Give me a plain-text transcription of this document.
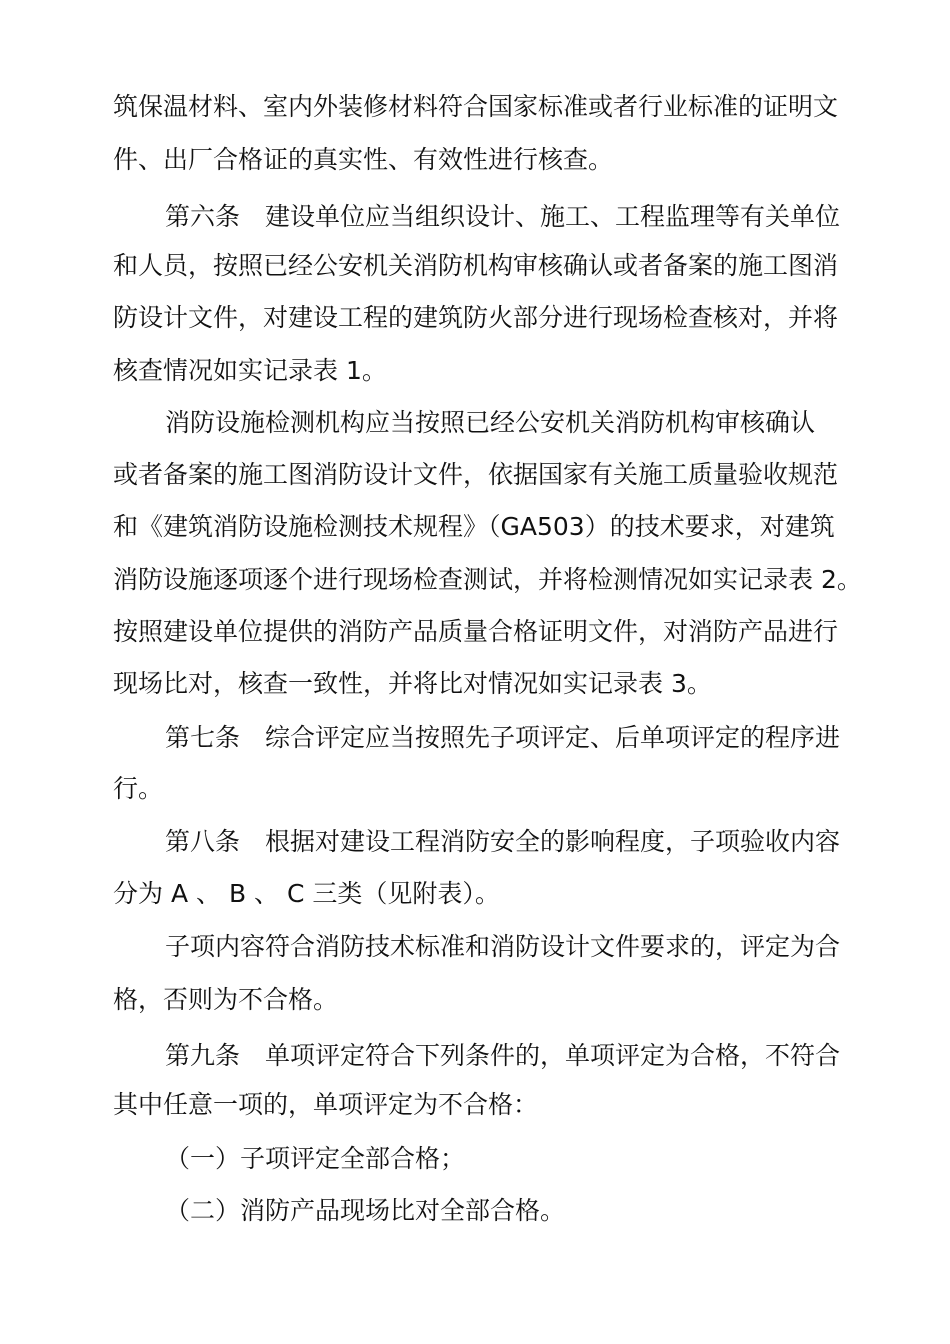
筑保温材料、室内外装修材料符合国家标准或者行业标准的证明文
件、出厂合格证的真实性、有效性进行核查。
第六条　建设单位应当组织设计、施工、工程监理等有关单位
和人员，按照已经公安机关消防机构审核确认或者备案的施工图消
防设计文件，对建设工程的建筑防火部分进行现场检查核对，并将
核查情况如实记录表 1。
消防设施检测机构应当按照已经公安机关消防机构审核确认
或者备案的施工图消防设计文件，依据国家有关施工质量验收规范
和《建筑消防设施检测技术规程》（GA503）的技术要求，对建筑
消防设施逐项逐个进行现场检查测试，并将检测情况如实记录表 2。
按照建设单位提供的消防产品质量合格证明文件，对消防产品进行
现场比对，核查一致性，并将比对情况如实记录表 3。
第七条　综合评定应当按照先子项评定、后单项评定的程序进
行。
第八条　根据对建设工程消防安全的影响程度，子项验收内容
分为 A 、 B 、 C 三类（见附表）。
子项内容符合消防技术标准和消防设计文件要求的，评定为合
格，否则为不合格。
第九条　单项评定符合下列条件的，单项评定为合格，不符合
其中任意一项的，单项评定为不合格：
（一）子项评定全部合格；
（二）消防产品现场比对全部合格。
